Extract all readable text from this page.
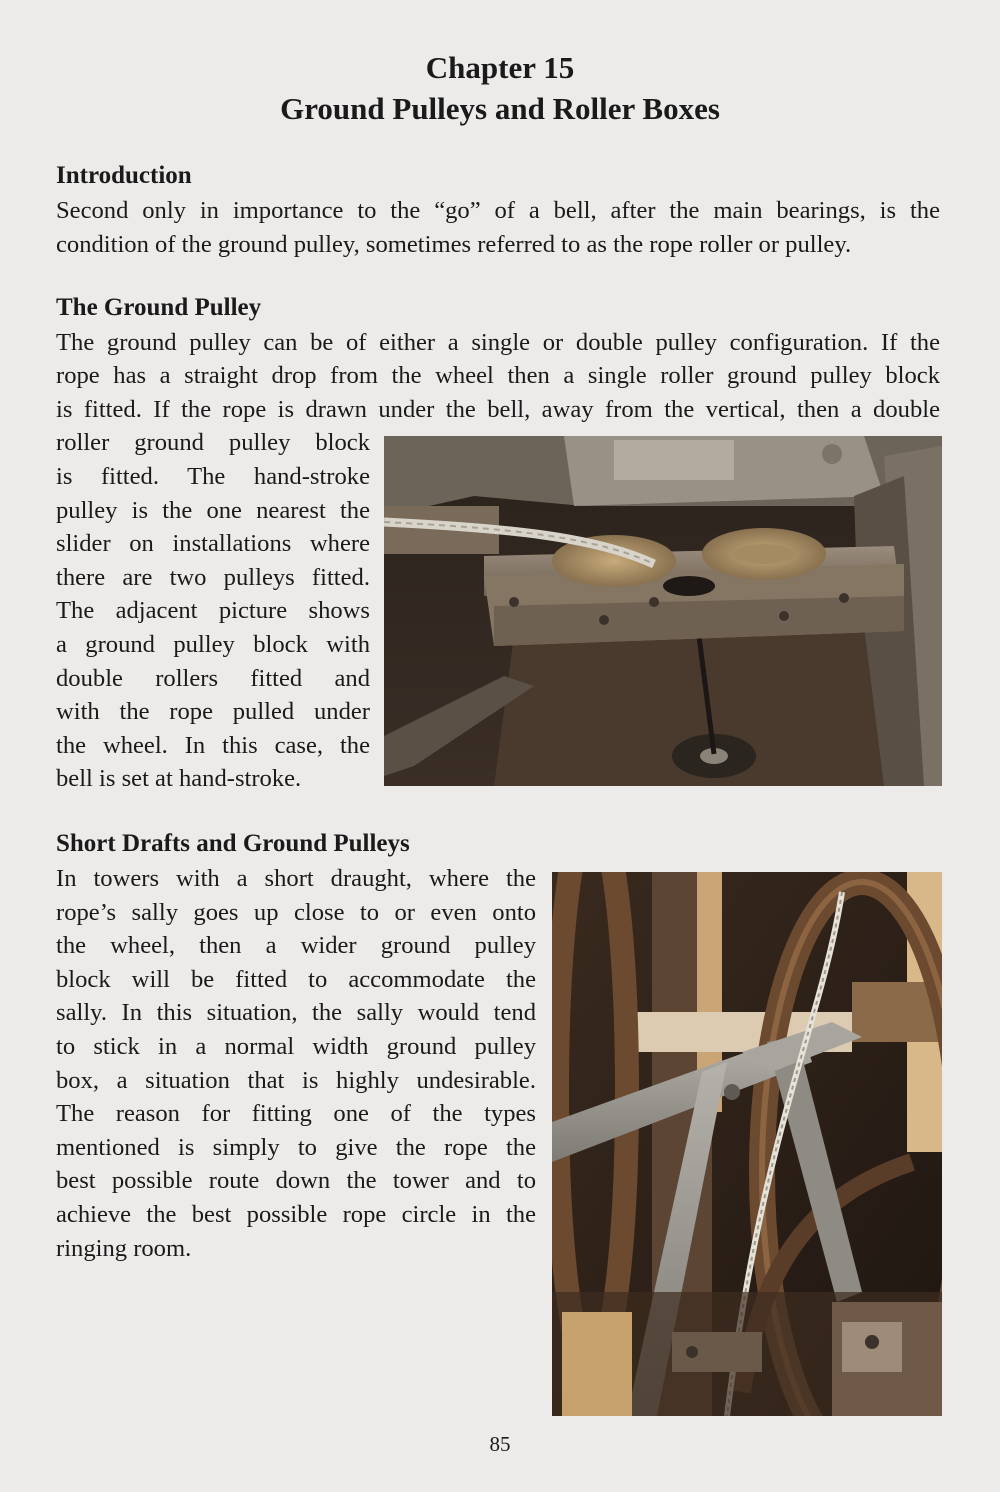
Chapter 15
Ground Pulleys and Roller Boxes
Introduction
Second only in importance to the “go” of a bell, after the main bearings, is the
condition of the ground pulley, sometimes referred to as the rope roller or pulley.
The Ground Pulley
The ground pulley can be of either a single or double pulley configuration. If the
rope has a straight drop from the wheel then a single roller ground pulley block
is fitted. If the rope is drawn under the bell, away from the vertical, then a double
roller ground pulley block
is fitted. The hand-stroke
pulley is the one nearest the
slider on installations where
there are two pulleys fitted.
The adjacent picture shows
a ground pulley block with
double rollers fitted and
with the rope pulled under
the wheel. In this case, the
bell is set at hand-stroke.
Short Drafts and Ground Pulleys
In towers with a short draught, where the
rope’s sally goes up close to or even onto
the wheel, then a wider ground pulley
block will be fitted to accommodate the
sally. In this situation, the sally would tend
to stick in a normal width ground pulley
box, a situation that is highly undesirable.
The reason for fitting one of the types
mentioned is simply to give the rope the
best possible route down the tower and to
achieve the best possible rope circle in the
ringing room.
85
